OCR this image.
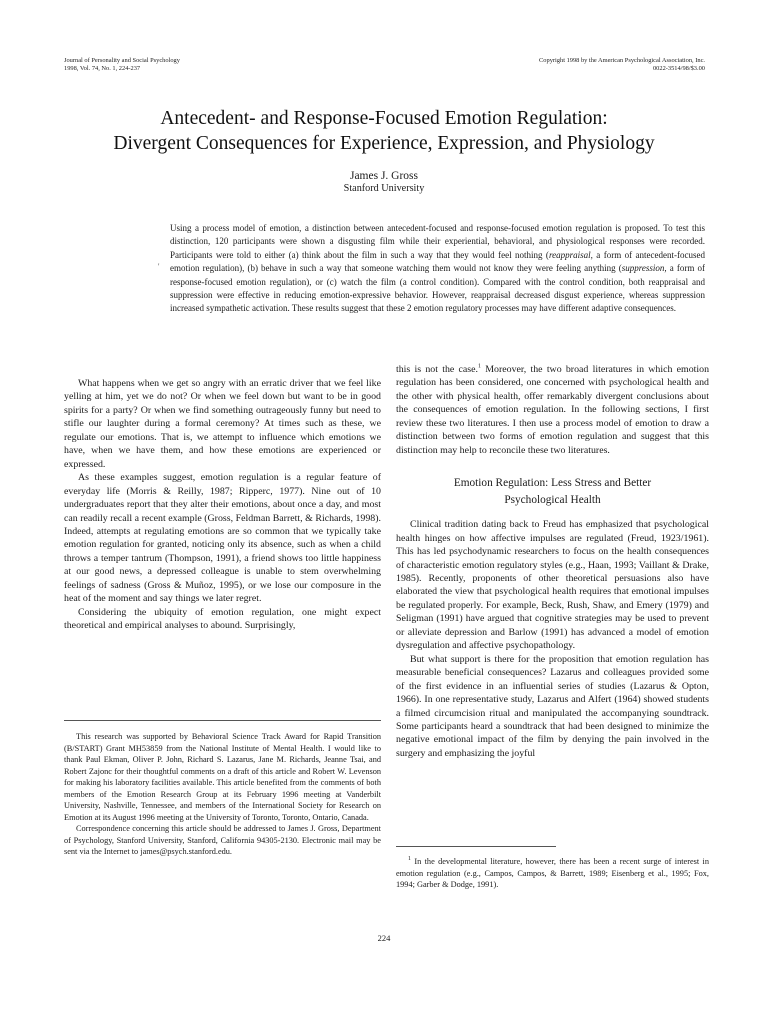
Journal of Personality and Social Psychology
1998, Vol. 74, No. 1, 224-237
Copyright 1998 by the American Psychological Association, Inc.
0022-3514/98/$3.00
Antecedent- and Response-Focused Emotion Regulation:
Divergent Consequences for Experience, Expression, and Physiology
James J. Gross
Stanford University
'

Using a process model of emotion, a distinction between antecedent-focused and response-focused emotion regulation is proposed. To test this distinction, 120 participants were shown a disgusting film while their experiential, behavioral, and physiological responses were recorded. Participants were told to either (a) think about the film in such a way that they would feel nothing (reappraisal, a form of antecedent-focused emotion regulation), (b) behave in such a way that someone watching them would not know they were feeling anything (suppression, a form of response-focused emotion regulation), or (c) watch the film (a control condition). Compared with the control condition, both reappraisal and suppression were effective in reducing emotion-expressive behavior. However, reappraisal decreased disgust experience, whereas suppression increased sympathetic activation. These results suggest that these 2 emotion regulatory processes may have different adaptive consequences.

What happens when we get so angry with an erratic driver that we feel like yelling at him, yet we do not? Or when we feel down but want to be in good spirits for a party? Or when we find something outrageously funny but need to stifle our laughter during a formal ceremony? At times such as these, we regulate our emotions. That is, we attempt to influence which emotions we have, when we have them, and how these emotions are experienced or expressed.

As these examples suggest, emotion regulation is a regular feature of everyday life (Morris & Reilly, 1987; Ripperc, 1977). Nine out of 10 undergraduates report that they alter their emotions, about once a day, and most can readily recall a recent example (Gross, Feldman Barrett, & Richards, 1998). Indeed, attempts at regulating emotions are so common that we typically take emotion regulation for granted, noticing only its absence, such as when a child throws a temper tantrum (Thompson, 1991), a friend shows too little happiness at our good news, a depressed colleague is unable to stem overwhelming feelings of sadness (Gross & Muñoz, 1995), or we lose our composure in the heat of the moment and say things we later regret.

Considering the ubiquity of emotion regulation, one might expect theoretical and empirical analyses to abound. Surprisingly,

This research was supported by Behavioral Science Track Award for Rapid Transition (B/START) Grant MH53859 from the National Institute of Mental Health. I would like to thank Paul Ekman, Oliver P. John, Richard S. Lazarus, Jane M. Richards, Jeanne Tsai, and Robert Zajonc for their thoughtful comments on a draft of this article and Robert W. Levenson for making his laboratory facilities available. This article benefited from the comments of both members of the Emotion Research Group at its February 1996 meeting at Vanderbilt University, Nashville, Tennessee, and members of the International Society for Research on Emotion at its August 1996 meeting at the University of Toronto, Toronto, Ontario, Canada.

Correspondence concerning this article should be addressed to James J. Gross, Department of Psychology, Stanford University, Stanford, California 94305-2130. Electronic mail may be sent via the Internet to james@psych.stanford.edu.

this is not the case.$^1$ Moreover, the two broad literatures in which emotion regulation has been considered, one concerned with psychological health and the other with physical health, offer remarkably divergent conclusions about the consequences of emotion regulation. In the following sections, I first review these two literatures. I then use a process model of emotion to draw a distinction between two forms of emotion regulation and suggest that this distinction may help to reconcile these two literatures.

Emotion Regulation: Less Stress and Better
Psychological Health

Clinical tradition dating back to Freud has emphasized that psychological health hinges on how affective impulses are regulated (Freud, 1923/1961). This has led psychodynamic researchers to focus on the health consequences of characteristic emotion regulatory styles (e.g., Haan, 1993; Vaillant & Drake, 1985). Recently, proponents of other theoretical persuasions also have elaborated the view that psychological health requires that emotional impulses be regulated properly. For example, Beck, Rush, Shaw, and Emery (1979) and Seligman (1991) have argued that cognitive strategies may be used to prevent or alleviate depression and Barlow (1991) has advanced a model of emotion dysregulation and affective psychopathology.

But what support is there for the proposition that emotion regulation has measurable beneficial consequences? Lazarus and colleagues provided some of the first evidence in an influential series of studies (Lazarus & Opton, 1966). In one representative study, Lazarus and Alfert (1964) showed students a filmed circumcision ritual and manipulated the accompanying soundtrack. Some participants heard a soundtrack that had been designed to minimize the negative emotional impact of the film by denying the pain involved in the surgery and emphasizing the joyful

$^1$ In the developmental literature, however, there has been a recent surge of interest in emotion regulation (e.g., Campos, Campos, & Barrett, 1989; Eisenberg et al., 1995; Fox, 1994; Garber & Dodge, 1991).

224
